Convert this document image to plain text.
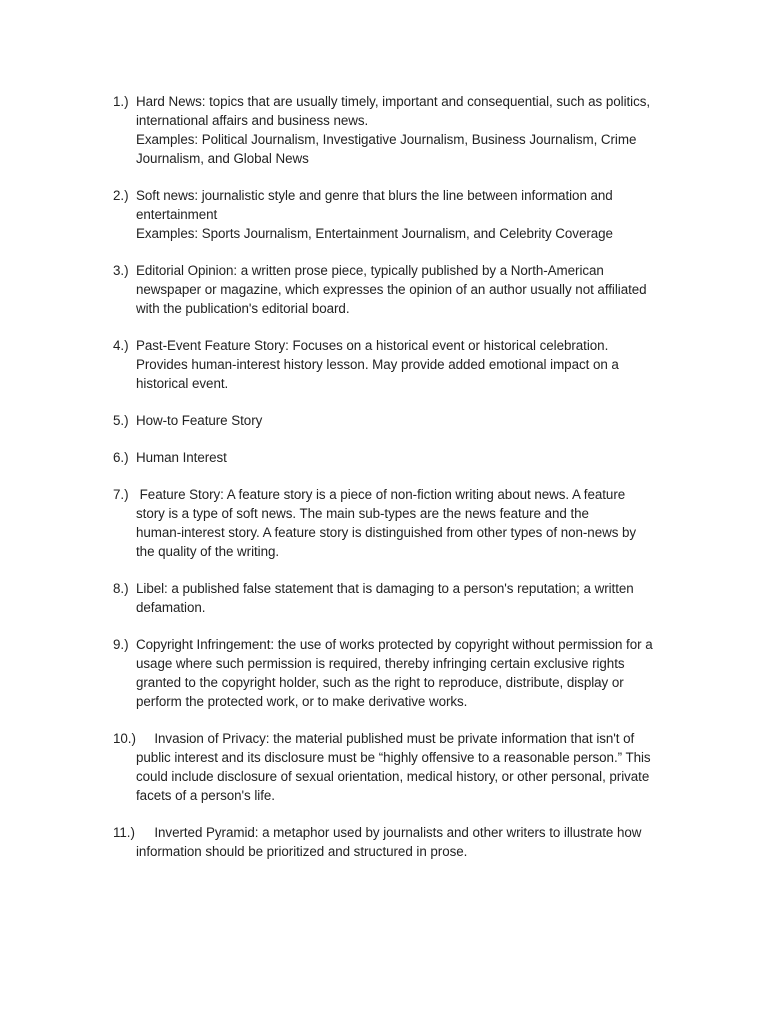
1.) Hard News: topics that are usually timely, important and consequential, such as politics,
international affairs and business news.
Examples: Political Journalism, Investigative Journalism, Business Journalism, Crime
Journalism, and Global News
2.) Soft news: journalistic style and genre that blurs the line between information and
entertainment
Examples: Sports Journalism, Entertainment Journalism, and Celebrity Coverage
3.) Editorial Opinion: a written prose piece, typically published by a North-American
newspaper or magazine, which expresses the opinion of an author usually not affiliated
with the publication's editorial board.
4.) Past-Event Feature Story: Focuses on a historical event or historical celebration.
Provides human-interest history lesson. May provide added emotional impact on a
historical event.
5.) How-to Feature Story
6.) Human Interest
7.) Feature Story: A feature story is a piece of non-fiction writing about news. A feature
story is a type of soft news. The main sub-types are the news feature and the
human-interest story. A feature story is distinguished from other types of non-news by
the quality of the writing.
8.) Libel: a published false statement that is damaging to a person's reputation; a written
defamation.
9.) Copyright Infringement: the use of works protected by copyright without permission for a
usage where such permission is required, thereby infringing certain exclusive rights
granted to the copyright holder, such as the right to reproduce, distribute, display or
perform the protected work, or to make derivative works.
10.) Invasion of Privacy: the material published must be private information that isn't of
public interest and its disclosure must be “highly offensive to a reasonable person.” This
could include disclosure of sexual orientation, medical history, or other personal, private
facets of a person's life.
11.) Inverted Pyramid: a metaphor used by journalists and other writers to illustrate how
information should be prioritized and structured in prose.
